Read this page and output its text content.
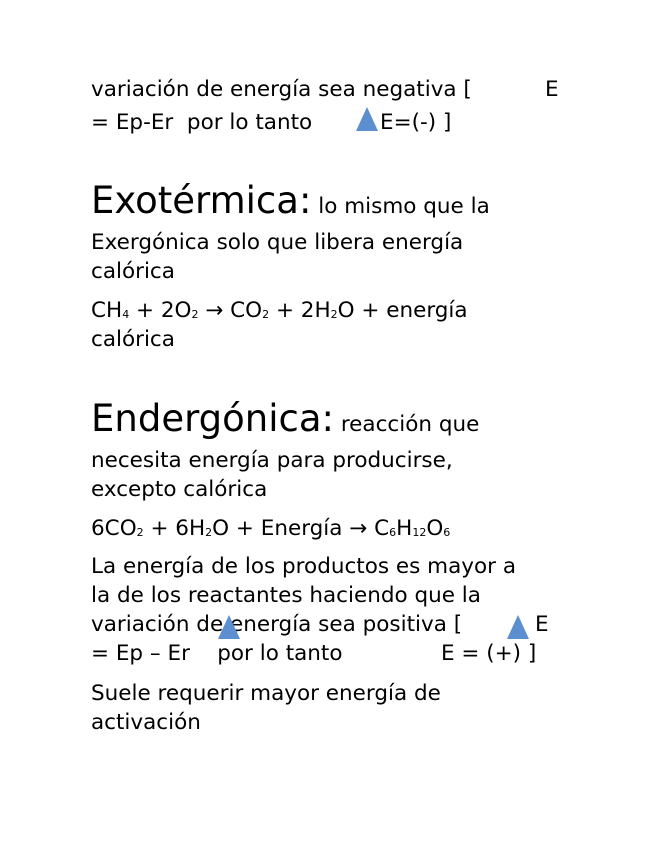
variación de energía sea negativa [	E
= Ep-Er  por lo tanto	E=(-) ]
Exotérmica: lo mismo que la
Exergónica solo que libera energía
calórica
$CH_4 + 2O_2 \to CO_2 + 2H_2O$ + energía
calórica
Endergónica: reacción que
necesita energía para producirse,
excepto calórica
$6CO_2 + 6H_2O$ + Energía → $C_6H_{12}O_6$
La energía de los productos es mayor a
la de los reactantes haciendo que la
variación de energía sea positiva [	E
= Ep – Er    por lo tanto	E = (+) ]
Suele requerir mayor energía de
activación
